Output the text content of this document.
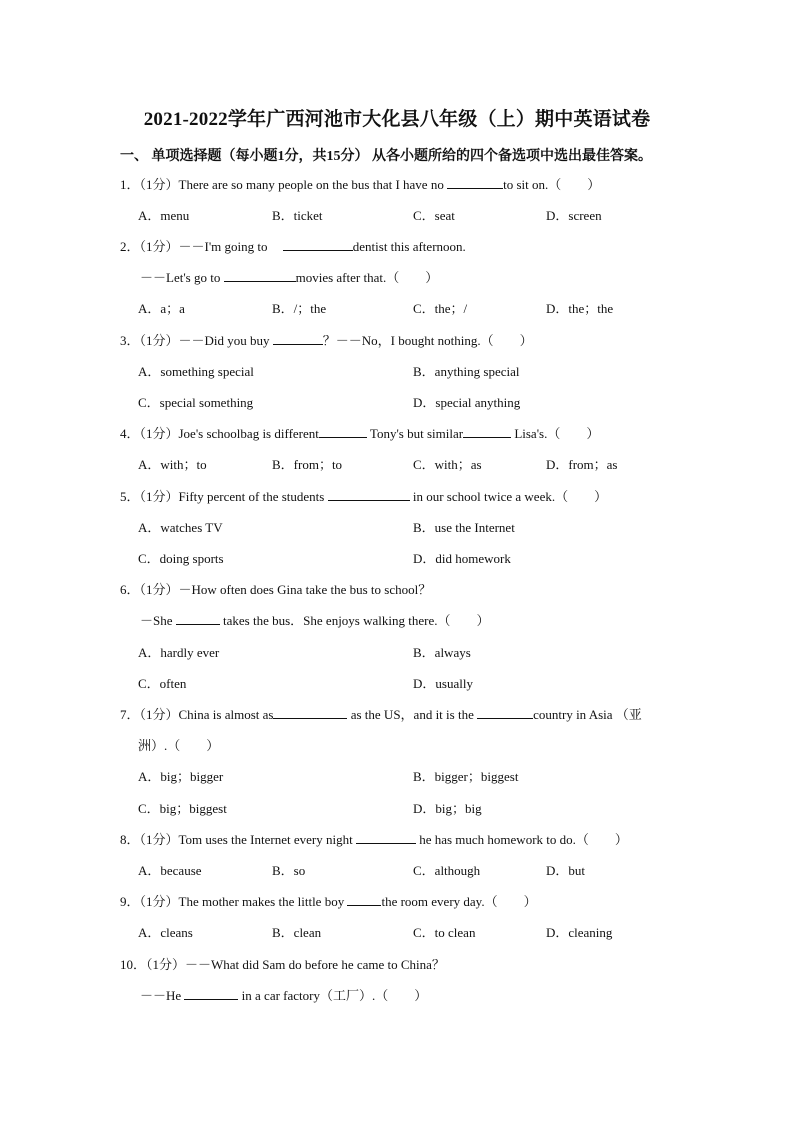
2021-2022学年广西河池市大化县八年级（上）期中英语试卷
一、 单项选择题（每小题1分，共15分） 从各小题所给的四个备选项中选出最佳答案。
1．（1分）There are so many people on the bus that I have no	to sit on.（　　）
A．menu	B．ticket	C．seat	D．screen
2．（1分）－－I'm going to	dentist this afternoon.
－－Let's go to	movies after that.（　　）
A．a；a	B．/；the	C．the；/	D．the；the
3．（1分）－－Did you buy	？－－No，I bought nothing.（　　）
A．something special	B．anything special
C．special something	D．special anything
4．（1分）Joe's schoolbag is different	Tony's but similar	Lisa's.（　　）
A．with；to	B．from；to	C．with；as	D．from；as
5．（1分）Fifty percent of the students	in our school twice a week.（　　）
A．watches TV	B．use the Internet
C．doing sports	D．did homework
6．（1分）－How often does Gina take the bus to school？
－She	takes the bus．She enjoys walking there.（　　）
A．hardly ever	B．always
C．often	D．usually
7．（1分）China is almost as	as the US，and it is the	country in Asia （亚
洲）.（　　）
A．big；bigger	B．bigger；biggest
C．big；biggest	D．big；big
8．（1分）Tom uses the Internet every night	he has much homework to do.（　　）
A．because	B．so	C．although	D．but
9．（1分）The mother makes the little boy	the room every day.（　　）
A．cleans	B．clean	C．to clean	D．cleaning
10．（1分）－－What did Sam do before he came to China？
－－He	in a car factory（工厂）.（　　）
